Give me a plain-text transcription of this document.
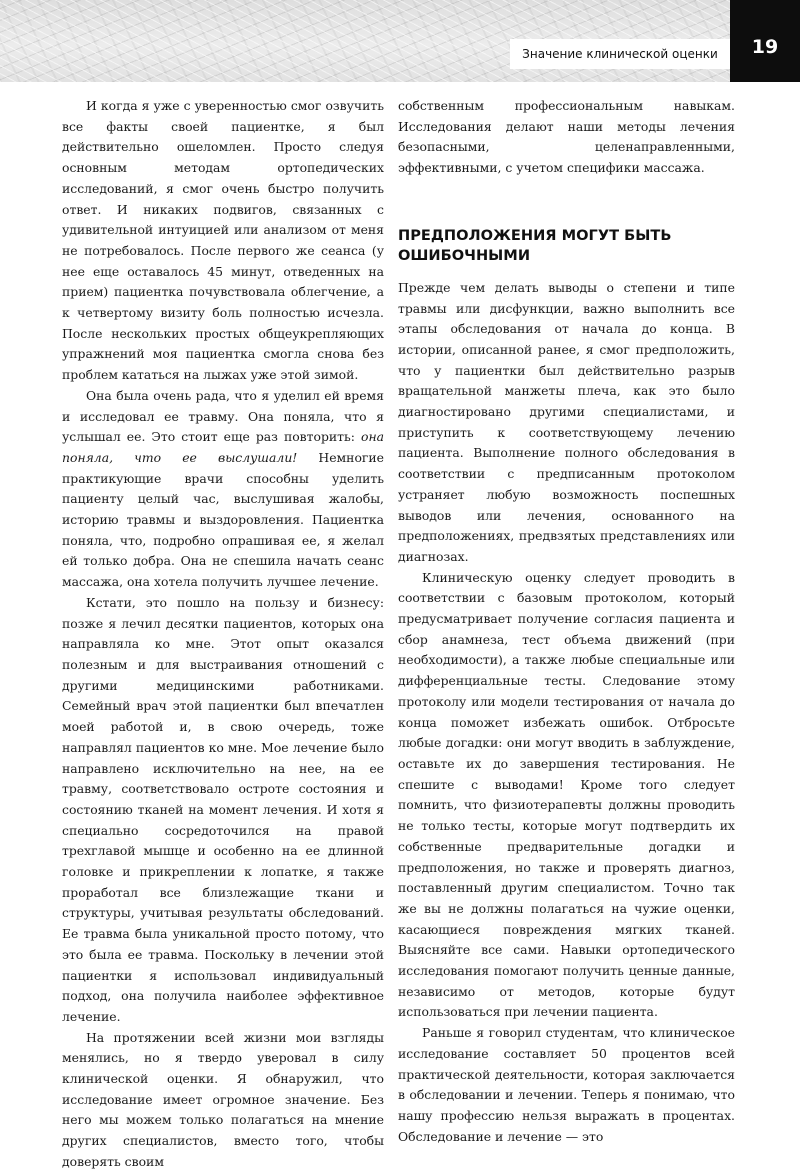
Значение клинической оценки 19

И когда я уже с уверенностью смог озвучить все факты своей пациентке, я был действительно ошеломлен. Просто следуя основным методам ортопедических исследований, я смог очень быстро получить ответ. И никаких подвигов, связанных с удивительной интуицией или анализом от меня не потребовалось. После первого же сеанса (у нее еще оставалось 45 минут, отведенных на прием) пациентка почувствовала облегчение, а к четвертому визиту боль полностью исчезла. После нескольких простых общеукрепляющих упражнений моя пациентка смогла снова без проблем кататься на лыжах уже этой зимой.

Она была очень рада, что я уделил ей время и исследовал ее травму. Она поняла, что я услышал ее. Это стоит еще раз повторить: она поняла, что ее выслушали! Немногие практикующие врачи способны уделить пациенту целый час, выслушивая жалобы, историю травмы и выздоровления. Пациентка поняла, что, подробно опрашивая ее, я желал ей только добра. Она не спешила начать сеанс массажа, она хотела получить лучшее лечение.

Кстати, это пошло на пользу и бизнесу: позже я лечил десятки пациентов, которых она направляла ко мне. Этот опыт оказался полезным и для выстраивания отношений с другими медицинскими работниками. Семейный врач этой пациентки был впечатлен моей работой и, в свою очередь, тоже направлял пациентов ко мне. Мое лечение было направлено исключительно на нее, на ее травму, соответствовало остроте состояния и состоянию тканей на момент лечения. И хотя я специально сосредоточился на правой трехглавой мышце и особенно на ее длинной головке и прикреплении к лопатке, я также проработал все близлежащие ткани и структуры, учитывая результаты обследований. Ее травма была уникальной просто потому, что это была ее травма. Поскольку в лечении этой пациентки я использовал индивидуальный подход, она получила наиболее эффективное лечение.

На протяжении всей жизни мои взгляды менялись, но я твердо уверовал в силу клинической оценки. Я обнаружил, что исследование имеет огромное значение. Без него мы можем только полагаться на мнение других специалистов, вместо того, чтобы доверять своим

собственным профессиональным навыкам. Исследования делают наши методы лечения безопасными, целенаправленными, эффективными, с учетом специфики массажа.

ПРЕДПОЛОЖЕНИЯ МОГУТ БЫТЬ ОШИБОЧНЫМИ

Прежде чем делать выводы о степени и типе травмы или дисфункции, важно выполнить все этапы обследования от начала до конца. В истории, описанной ранее, я смог предположить, что у пациентки был действительно разрыв вращательной манжеты плеча, как это было диагностировано другими специалистами, и приступить к соответствующему лечению пациента. Выполнение полного обследования в соответствии с предписанным протоколом устраняет любую возможность поспешных выводов или лечения, основанного на предположениях, предвзятых представлениях или диагнозах.

Клиническую оценку следует проводить в соответствии с базовым протоколом, который предусматривает получение согласия пациента и сбор анамнеза, тест объема движений (при необходимости), а также любые специальные или дифференциальные тесты. Следование этому протоколу или модели тестирования от начала до конца поможет избежать ошибок. Отбросьте любые догадки: они могут вводить в заблуждение, оставьте их до завершения тестирования. Не спешите с выводами! Кроме того следует помнить, что физиотерапевты должны проводить не только тесты, которые могут подтвердить их собственные предварительные догадки и предположения, но также и проверять диагноз, поставленный другим специалистом. Точно так же вы не должны полагаться на чужие оценки, касающиеся повреждения мягких тканей. Выясняйте все сами. Навыки ортопедического исследования помогают получить ценные данные, независимо от методов, которые будут использоваться при лечении пациента.

Раньше я говорил студентам, что клиническое исследование составляет 50 процентов всей практической деятельности, которая заключается в обследовании и лечении. Теперь я понимаю, что нашу профессию нельзя выражать в процентах. Обследование и лечение — это
